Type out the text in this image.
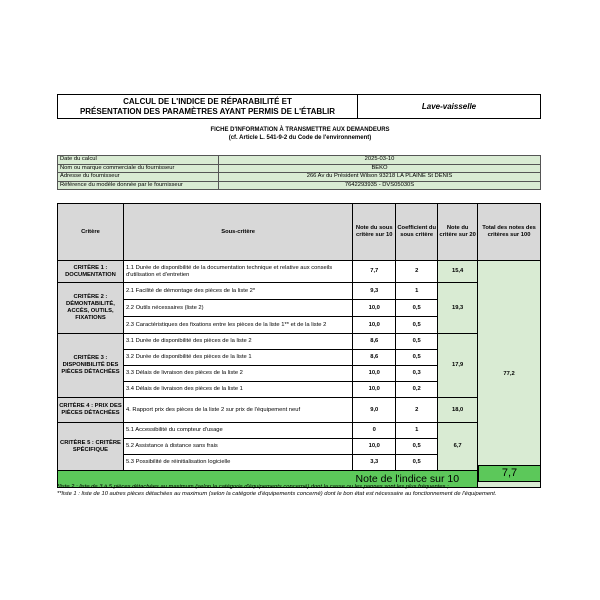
CALCUL DE L'INDICE DE RÉPARABILITÉ ET
PRÉSENTATION DES PARAMÈTRES AYANT PERMIS DE L'ÉTABLIR	Lave-vaisselle
FICHE D'INFORMATION À TRANSMETTRE AUX DEMANDEURS
(cf. Article L. 541-9-2 du Code de l'environnement)
Date du calcul	2025-03-10
Nom ou marque commerciale du fournisseur	BEKO
Adresse du fournisseur	266 Av du Président Wilson 93218 LA PLAINE St DENIS
Référence du modèle donnée par le fournisseur	7642293935 - DVS05030S
Critère	Sous-critère	Note du sous critère sur 10	Coefficient du sous critère	Note du critère sur 20	Total des notes des critères sur 100
CRITÈRE 1 : DOCUMENTATION	1.1 Durée de disponibilité de la documentation technique et relative aux conseils d'utilisation et d'entretien	7,7	2	15,4	77,2
CRITÈRE 2 : DÉMONTABILITÉ, ACCÈS, OUTILS, FIXATIONS	2.1 Facilité de démontage des pièces de la liste 2*	9,3	1	19,3	
	2.2 Outils nécessaires (liste 2)	10,0	0,5		
	2.3 Caractéristiques des fixations entre les pièces de la liste 1** et de la liste 2	10,0	0,5		
CRITÈRE 3 : DISPONIBILITÉ DES PIÈCES DÉTACHÉES	3.1 Durée de disponibilité des pièces de la liste 2	8,6	0,5	17,9	
	3.2 Durée de disponibilité des pièces de la liste 1	8,6	0,5		
	3.3 Délais de livraison des pièces de la liste 2	10,0	0,3		
	3.4 Délais de livraison des pièces de la liste 1	10,0	0,2		
CRITÈRE 4 : PRIX DES PIÈCES DÉTACHÉES	4. Rapport prix des pièces de la liste 2 sur prix de l'équipement neuf	9,0	2	18,0	
CRITÈRE 5 : CRITÈRE SPÉCIFIQUE	5.1 Accessibilité du compteur d'usage	0	1	6,7	
	5.2 Assistance à distance sans frais	10,0	0,5		
	5.3 Possibilité de réinitialisation logicielle	3,3	0,5		
Note de l'indice sur 10						7,7
*liste 2 : liste de 3 à 5 pièces détachées au maximum (selon la catégorie d'équipements concerné) dont la casse ou les pannes sont les plus fréquentes ;
**liste 1 : liste de 10 autres pièces détachées au maximum (selon la catégorie d'équipements concerné) dont le bon état est nécessaire au fonctionnement de l'équipement.
